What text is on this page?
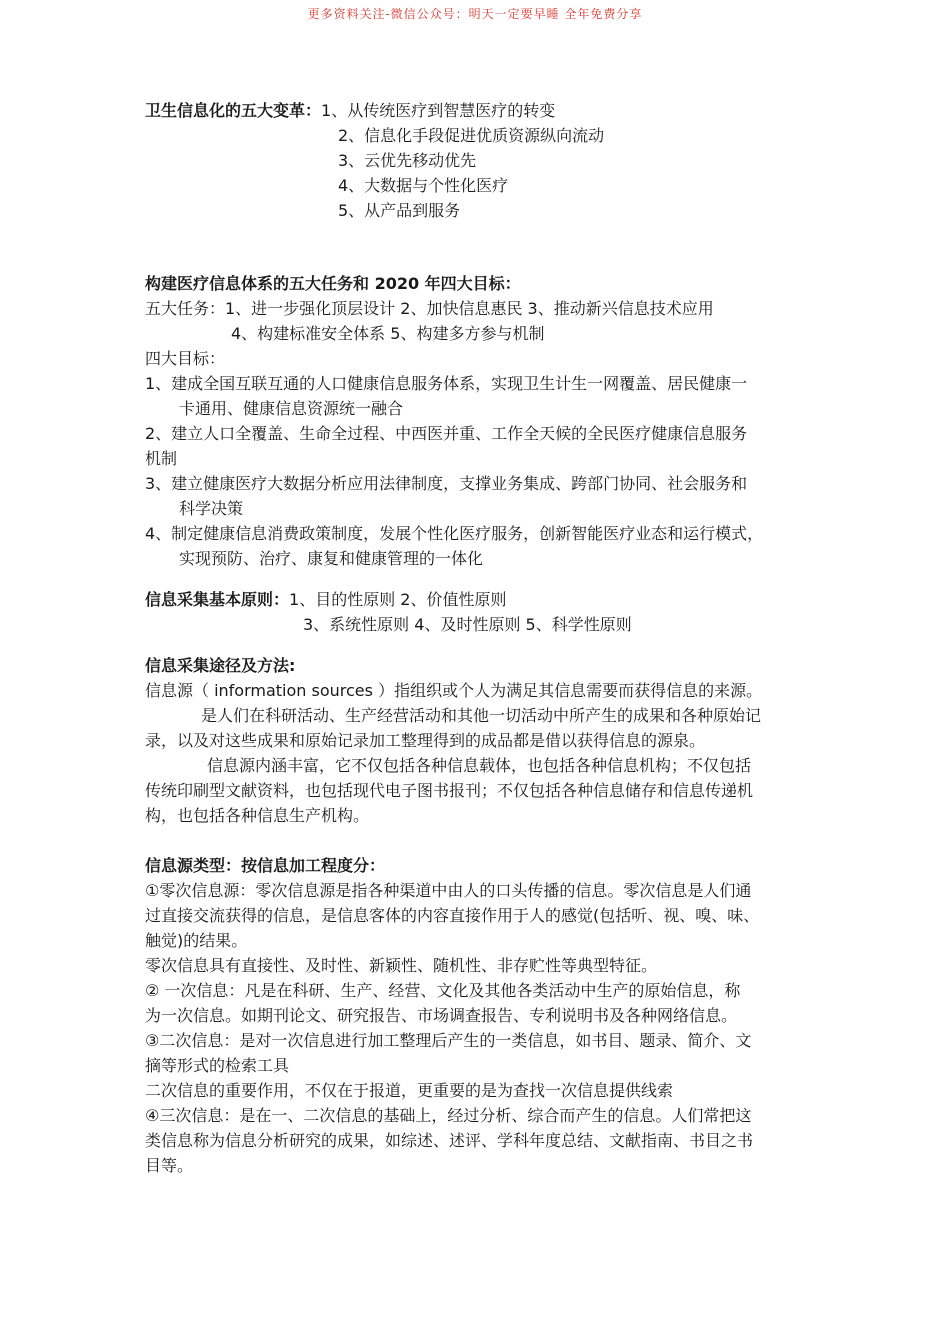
更多资料关注-微信公众号：明天一定要早睡 全年免费分享
卫生信息化的五大变革：1、从传统医疗到智慧医疗的转变
2、信息化手段促进优质资源纵向流动
3、云优先移动优先
4、大数据与个性化医疗
5、从产品到服务
构建医疗信息体系的五大任务和 2020 年四大目标：
五大任务：1、进一步强化顶层设计 2、加快信息惠民 3、推动新兴信息技术应用
4、构建标准安全体系 5、构建多方参与机制
四大目标：
1、建成全国互联互通的人口健康信息服务体系，实现卫生计生一网覆盖、居民健康一
卡通用、健康信息资源统一融合
2、建立人口全覆盖、生命全过程、中西医并重、工作全天候的全民医疗健康信息服务
机制
3、建立健康医疗大数据分析应用法律制度，支撑业务集成、跨部门协同、社会服务和
科学决策
4、制定健康信息消费政策制度，发展个性化医疗服务，创新智能医疗业态和运行模式，
实现预防、治疗、康复和健康管理的一体化
信息采集基本原则：1、目的性原则 2、价值性原则
3、系统性原则 4、及时性原则 5、科学性原则
信息采集途径及方法:
信息源（ information sources ）指组织或个人为满足其信息需要而获得信息的来源。
是人们在科研活动、生产经营活动和其他一切活动中所产生的成果和各种原始记
录，以及对这些成果和原始记录加工整理得到的成品都是借以获得信息的源泉。
信息源内涵丰富，它不仅包括各种信息载体，也包括各种信息机构；不仅包括
传统印刷型文献资料，也包括现代电子图书报刊；不仅包括各种信息储存和信息传递机
构，也包括各种信息生产机构。
信息源类型：按信息加工程度分：
①零次信息源：零次信息源是指各种渠道中由人的口头传播的信息。零次信息是人们通
过直接交流获得的信息，是信息客体的内容直接作用于人的感觉(包括听、视、嗅、味、
触觉)的结果。
零次信息具有直接性、及时性、新颖性、随机性、非存贮性等典型特征。
② 一次信息：凡是在科研、生产、经营、文化及其他各类活动中生产的原始信息，称
为一次信息。如期刊论文、研究报告、市场调查报告、专利说明书及各种网络信息。
③二次信息：是对一次信息进行加工整理后产生的一类信息，如书目、题录、简介、文
摘等形式的检索工具
二次信息的重要作用，不仅在于报道，更重要的是为查找一次信息提供线索
④三次信息：是在一、二次信息的基础上，经过分析、综合而产生的信息。人们常把这
类信息称为信息分析研究的成果，如综述、述评、学科年度总结、文献指南、书目之书
目等。
